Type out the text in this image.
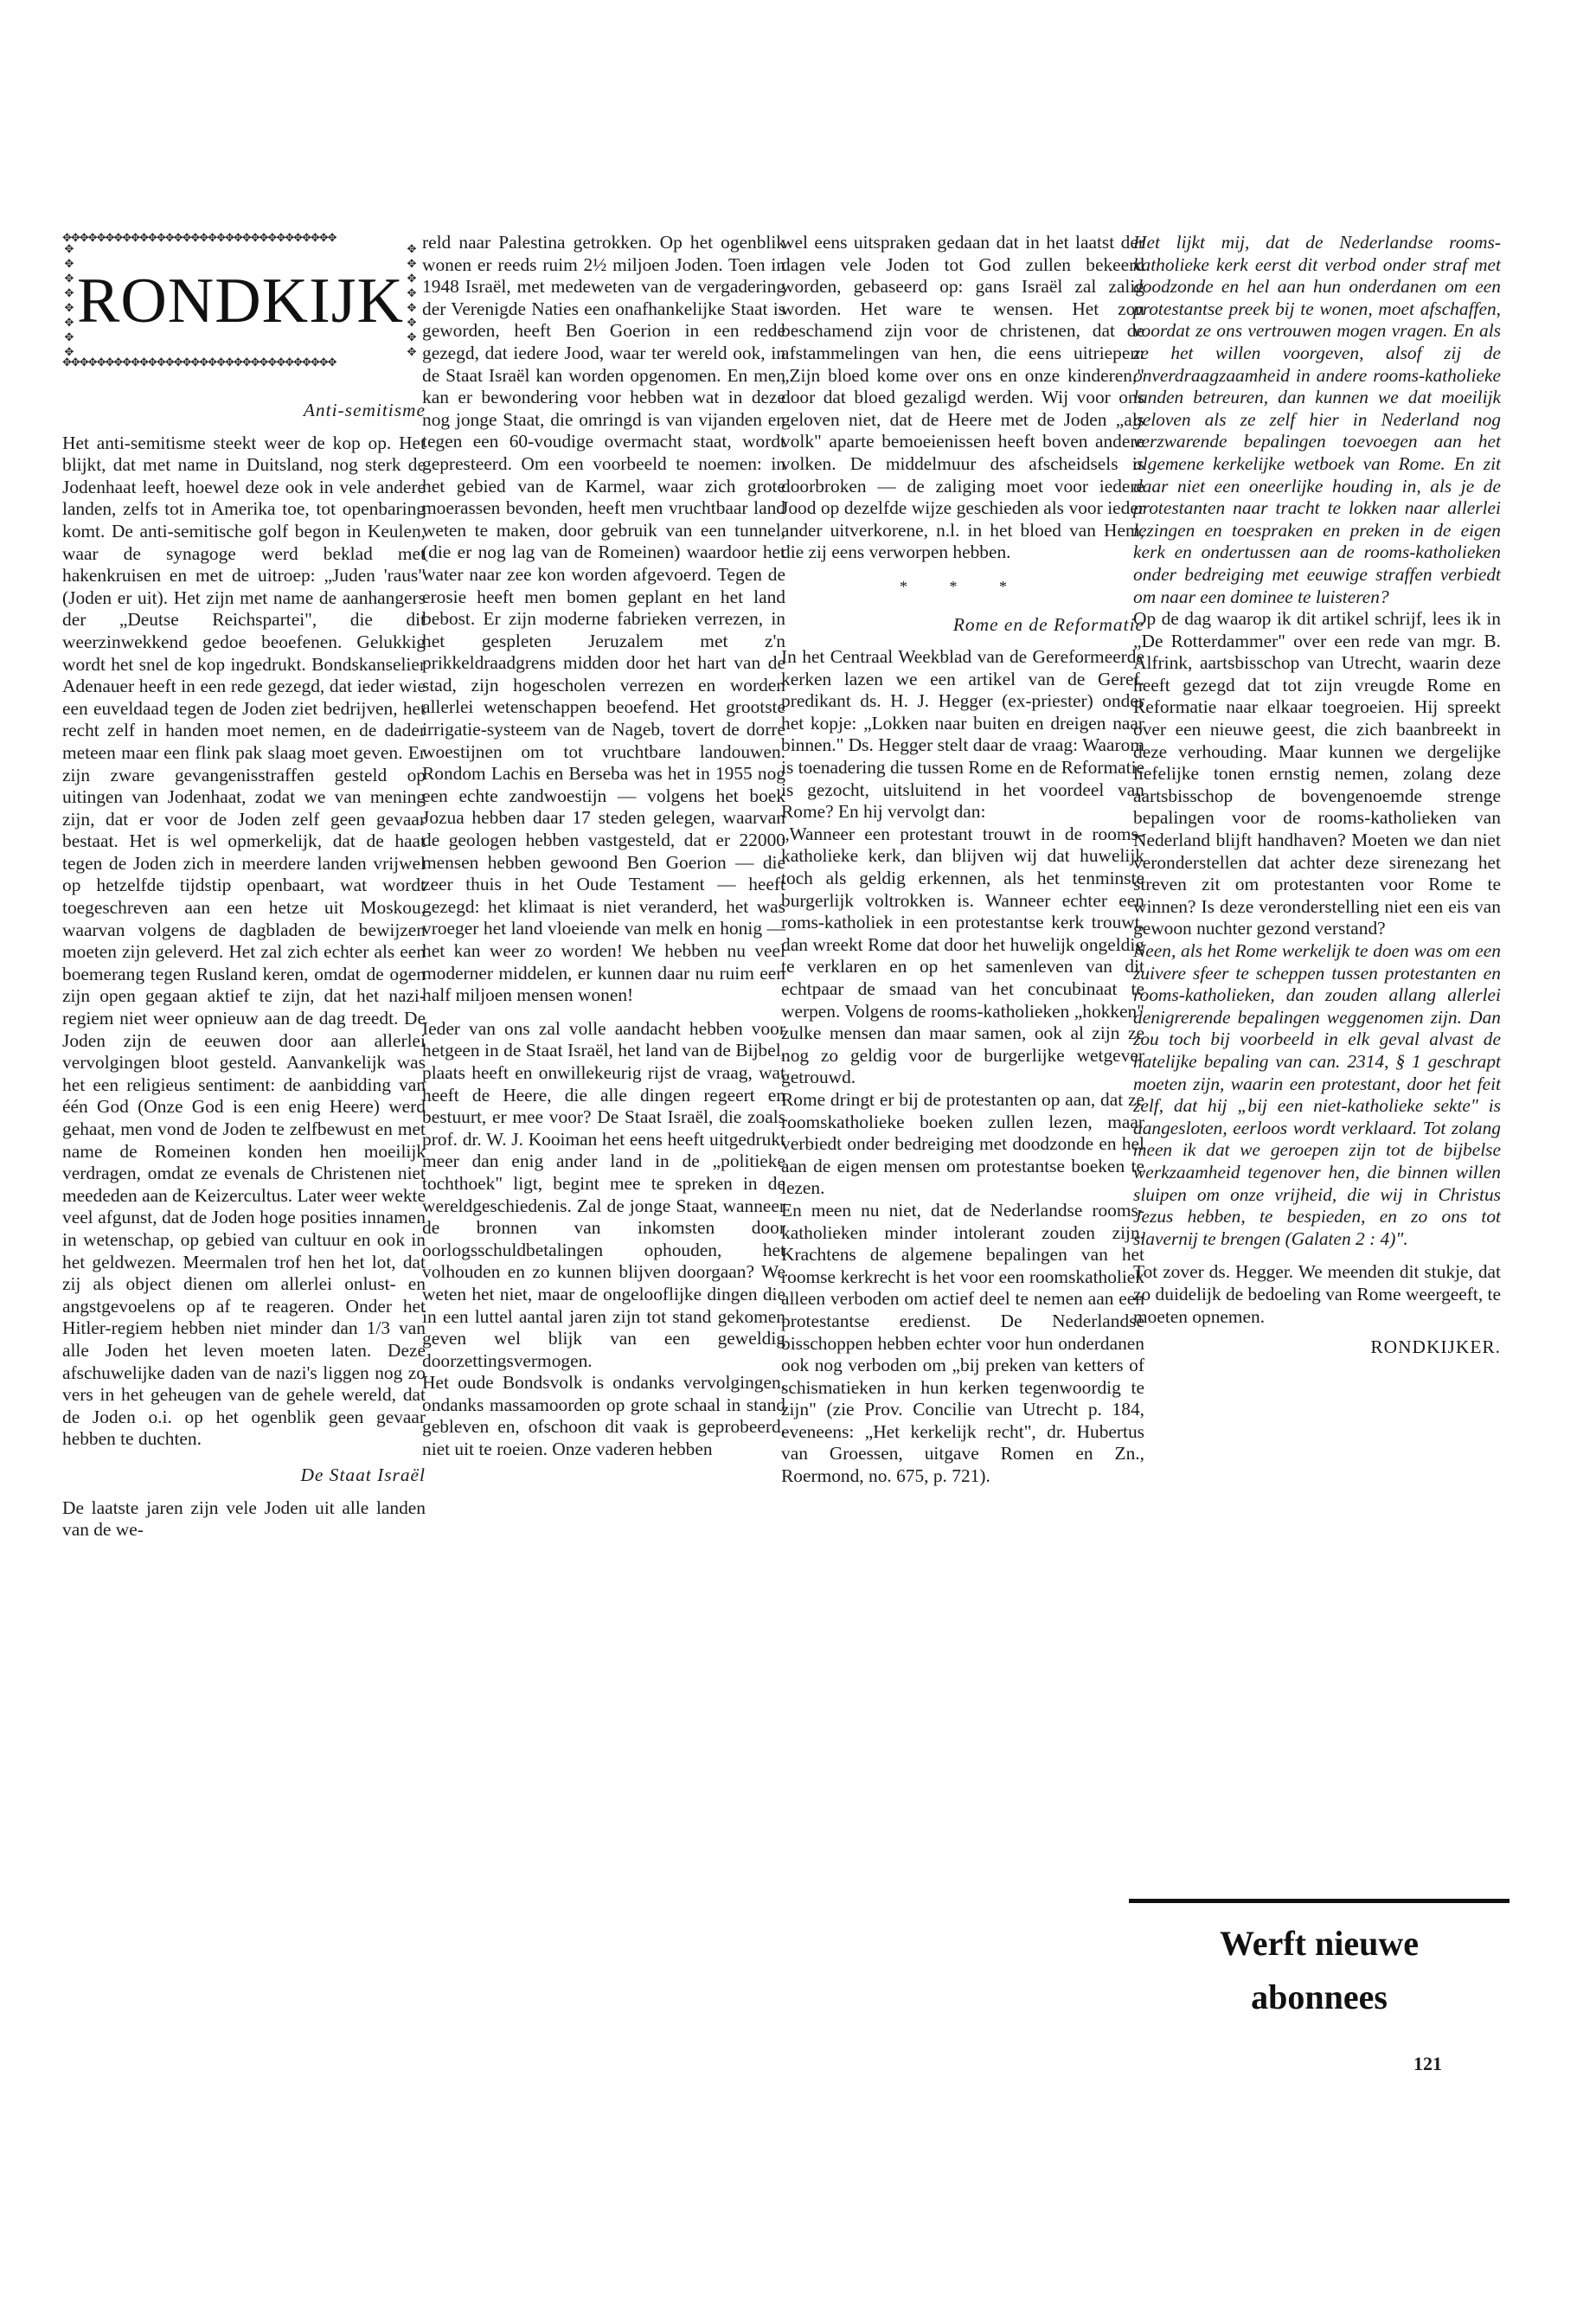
✥✥✥✥✥✥✥✥✥✥✥✥✥✥✥✥✥✥✥✥✥✥✥✥✥✥✥✥✥✥✥✥
✥✥✥✥✥✥✥✥
RONDKIJK
✥✥✥✥✥✥✥✥
✥✥✥✥✥✥✥✥✥✥✥✥✥✥✥✥✥✥✥✥✥✥✥✥✥✥✥✥✥✥✥✥
Anti-semitisme

Het anti-semitisme steekt weer de kop op. Het blijkt, dat met name in Duitsland, nog sterk de Jodenhaat leeft, hoewel deze ook in vele andere landen, zelfs tot in Amerika toe, tot openbaring komt. De anti-semitische golf begon in Keulen, waar de synagoge werd beklad met hakenkruisen en met de uitroep: „Juden 'raus" (Joden er uit). Het zijn met name de aanhangers der „Deutse Reichspartei", die dit weerzinwekkend gedoe beoefenen. Gelukkig wordt het snel de kop ingedrukt. Bondskanselier Adenauer heeft in een rede gezegd, dat ieder wie een euveldaad tegen de Joden ziet bedrijven, het recht zelf in handen moet nemen, en de dader meteen maar een flink pak slaag moet geven. Er zijn zware gevangenisstraffen gesteld op uitingen van Jodenhaat, zodat we van mening zijn, dat er voor de Joden zelf geen gevaar bestaat. Het is wel opmerkelijk, dat de haat tegen de Joden zich in meerdere landen vrijwel op hetzelfde tijdstip openbaart, wat wordt toegeschreven aan een hetze uit Moskou, waarvan volgens de dagbladen de bewijzen moeten zijn geleverd. Het zal zich echter als een boemerang tegen Rusland keren, omdat de ogen zijn open gegaan aktief te zijn, dat het nazi-regiem niet weer opnieuw aan de dag treedt. De Joden zijn de eeuwen door aan allerlei vervolgingen bloot gesteld. Aanvankelijk was het een religieus sentiment: de aanbidding van één God (Onze God is een enig Heere) werd gehaat, men vond de Joden te zelfbewust en met name de Romeinen konden hen moeilijk verdragen, omdat ze evenals de Christenen niet meededen aan de Keizercultus. Later weer wekte veel afgunst, dat de Joden hoge posities innamen in wetenschap, op gebied van cultuur en ook in het geldwezen. Meermalen trof hen het lot, dat zij als object dienen om allerlei onlust- en angstgevoelens op af te reageren. Onder het Hitler-regiem hebben niet minder dan 1/3 van alle Joden het leven moeten laten. Deze afschuwelijke daden van de nazi's liggen nog zo vers in het geheugen van de gehele wereld, dat de Joden o.i. op het ogenblik geen gevaar hebben te duchten.

De Staat Israël

De laatste jaren zijn vele Joden uit alle landen van de we-

reld naar Palestina getrokken. Op het ogenblik wonen er reeds ruim 2½ miljoen Joden. Toen in 1948 Israël, met medeweten van de vergadering der Verenigde Naties een onafhankelijke Staat is geworden, heeft Ben Goerion in een rede gezegd, dat iedere Jood, waar ter wereld ook, in de Staat Israël kan worden opgenomen. En men kan er bewondering voor hebben wat in deze nog jonge Staat, die omringd is van vijanden en tegen een 60-voudige overmacht staat, wordt gepresteerd. Om een voorbeeld te noemen: in het gebied van de Karmel, waar zich grote moerassen bevonden, heeft men vruchtbaar land weten te maken, door gebruik van een tunnel, (die er nog lag van de Romeinen) waardoor het water naar zee kon worden afgevoerd. Tegen de erosie heeft men bomen geplant en het land bebost. Er zijn moderne fabrieken verrezen, in het gespleten Jeruzalem met z'n prikkeldraadgrens midden door het hart van de stad, zijn hogescholen verrezen en worden allerlei wetenschappen beoefend. Het grootste irrigatie-systeem van de Nageb, tovert de dorre woestijnen om tot vruchtbare landouwen. Rondom Lachis en Berseba was het in 1955 nog een echte zandwoestijn — volgens het boek Jozua hebben daar 17 steden gelegen, waarvan de geologen hebben vastgesteld, dat er 22000 mensen hebben gewoond Ben Goerion — die zeer thuis in het Oude Testament — heeft gezegd: het klimaat is niet veranderd, het was vroeger het land vloeiende van melk en honig — het kan weer zo worden! We hebben nu veel moderner middelen, er kunnen daar nu ruim een half miljoen mensen wonen!

Ieder van ons zal volle aandacht hebben voor hetgeen in de Staat Israël, het land van de Bijbel, plaats heeft en onwillekeurig rijst de vraag, wat heeft de Heere, die alle dingen regeert en bestuurt, er mee voor? De Staat Israël, die zoals prof. dr. W. J. Kooiman het eens heeft uitgedrukt meer dan enig ander land in de „politieke tochthoek" ligt, begint mee te spreken in de wereldgeschiedenis. Zal de jonge Staat, wanneer de bronnen van inkomsten door oorlogsschuldbetalingen ophouden, het volhouden en zo kunnen blijven doorgaan? We weten het niet, maar de ongelooflijke dingen die in een luttel aantal jaren zijn tot stand gekomen geven wel blijk van een geweldig doorzettingsvermogen.

Het oude Bondsvolk is ondanks vervolgingen, ondanks massamoorden op grote schaal in stand gebleven en, ofschoon dit vaak is geprobeerd, niet uit te roeien. Onze vaderen hebben

wel eens uitspraken gedaan dat in het laatst der dagen vele Joden tot God zullen bekeerd worden, gebaseerd op: gans Israël zal zalig worden. Het ware te wensen. Het zou beschamend zijn voor de christenen, dat de afstammelingen van hen, die eens uitriepen: „Zijn bloed kome over ons en onze kinderen," door dat bloed gezaligd werden. Wij voor ons geloven niet, dat de Heere met de Joden „als volk" aparte bemoeienissen heeft boven andere volken. De middelmuur des afscheidsels is doorbroken — de zaliging moet voor iedere Jood op dezelfde wijze geschieden als voor ieder ander uitverkorene, n.l. in het bloed van Hem, die zij eens verworpen hebben.

* * *
Rome en de Reformatie

In het Centraal Weekblad van de Gereformeerde kerken lazen we een artikel van de Geref. predikant ds. H. J. Hegger (ex-priester) onder het kopje: „Lokken naar buiten en dreigen naar binnen." Ds. Hegger stelt daar de vraag: Waarom is toenadering die tussen Rome en de Reformatie is gezocht, uitsluitend in het voordeel van Rome? En hij vervolgt dan:

„Wanneer een protestant trouwt in de rooms-katholieke kerk, dan blijven wij dat huwelijk toch als geldig erkennen, als het tenminste burgerlijk voltrokken is. Wanneer echter een roms-katholiek in een protestantse kerk trouwt, dan wreekt Rome dat door het huwelijk ongeldig te verklaren en op het samenleven van dit echtpaar de smaad van het concubinaat te werpen. Volgens de rooms-katholieken „hokken" zulke mensen dan maar samen, ook al zijn ze nog zo geldig voor de burgerlijke wetgever getrouwd.

Rome dringt er bij de protestanten op aan, dat ze roomskatholieke boeken zullen lezen, maar verbiedt onder bedreiging met doodzonde en hel aan de eigen mensen om protestantse boeken te lezen.

En meen nu niet, dat de Nederlandse rooms-katholieken minder intolerant zouden zijn. Krachtens de algemene bepalingen van het roomse kerkrecht is het voor een roomskatholiek alleen verboden om actief deel te nemen aan een protestantse eredienst. De Nederlandse bisschoppen hebben echter voor hun onderdanen ook nog verboden om „bij preken van ketters of schismatieken in hun kerken tegenwoordig te zijn" (zie Prov. Concilie van Utrecht p. 184, eveneens: „Het kerkelijk recht", dr. Hubertus van Groessen, uitgave Romen en Zn., Roermond, no. 675, p. 721).

Het lijkt mij, dat de Nederlandse rooms-katholieke kerk eerst dit verbod onder straf met doodzonde en hel aan hun onderdanen om een protestantse preek bij te wonen, moet afschaffen, voordat ze ons vertrouwen mogen vragen. En als ze het willen voorgeven, alsof zij de onverdraagzaamheid in andere rooms-katholieke landen betreuren, dan kunnen we dat moeilijk geloven als ze zelf hier in Nederland nog verzwarende bepalingen toevoegen aan het algemene kerkelijke wetboek van Rome. En zit daar niet een oneerlijke houding in, als je de protestanten naar tracht te lokken naar allerlei lezingen en toespraken en preken in de eigen kerk en ondertussen aan de rooms-katholieken onder bedreiging met eeuwige straffen verbiedt om naar een dominee te luisteren?

Op de dag waarop ik dit artikel schrijf, lees ik in „De Rotterdammer" over een rede van mgr. B. Alfrink, aartsbisschop van Utrecht, waarin deze heeft gezegd dat tot zijn vreugde Rome en Reformatie naar elkaar toegroeien. Hij spreekt over een nieuwe geest, die zich baanbreekt in deze verhouding. Maar kunnen we dergelijke liefelijke tonen ernstig nemen, zolang deze aartsbisschop de bovengenoemde strenge bepalingen voor de rooms-katholieken van Nederland blijft handhaven? Moeten we dan niet veronderstellen dat achter deze sirenezang het streven zit om protestanten voor Rome te winnen? Is deze veronderstelling niet een eis van gewoon nuchter gezond verstand?

Neen, als het Rome werkelijk te doen was om een zuivere sfeer te scheppen tussen protestanten en rooms-katholieken, dan zouden allang allerlei denigrerende bepalingen weggenomen zijn. Dan zou toch bij voorbeeld in elk geval alvast de hatelijke bepaling van can. 2314, § 1 geschrapt moeten zijn, waarin een protestant, door het feit zelf, dat hij „bij een niet-katholieke sekte" is aangesloten, eerloos wordt verklaard. Tot zolang meen ik dat we geroepen zijn tot de bijbelse werkzaamheid tegenover hen, die binnen willen sluipen om onze vrijheid, die wij in Christus Jezus hebben, te bespieden, en zo ons tot slavernij te brengen (Galaten 2 : 4)".

Tot zover ds. Hegger. We meenden dit stukje, dat zo duidelijk de bedoeling van Rome weergeeft, te moeten opnemen.

RONDKIJKER.
Werft nieuwe
abonnees
121
